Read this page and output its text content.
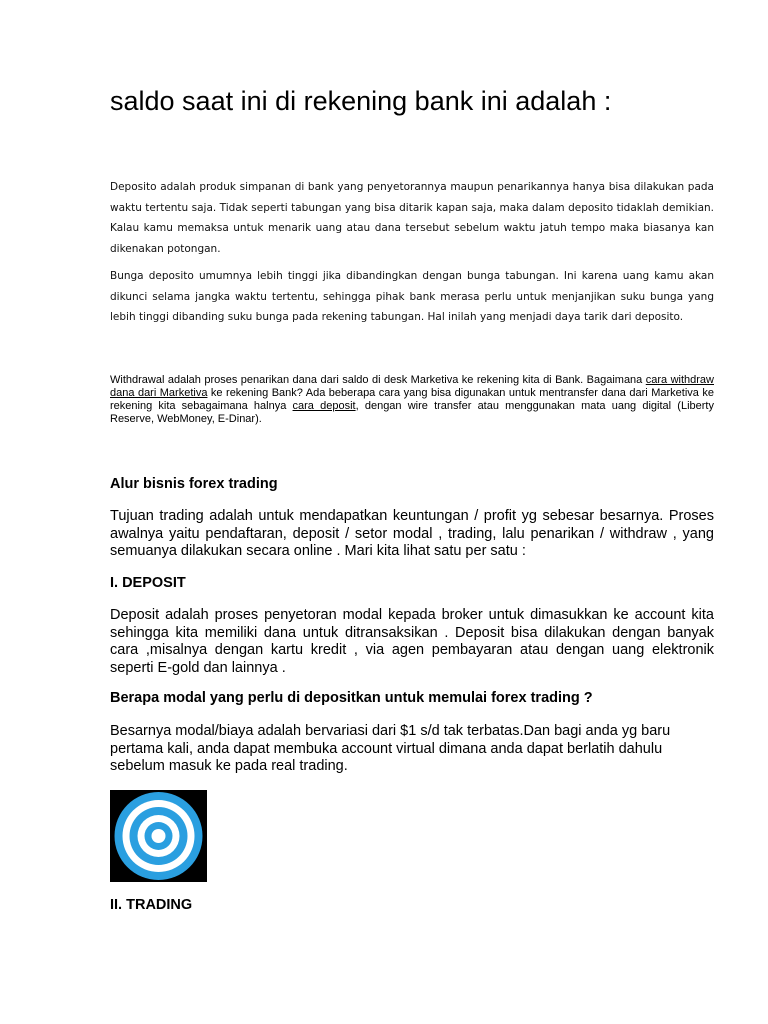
saldo saat ini di rekening bank ini adalah :

Deposito adalah produk simpanan di bank yang penyetorannya maupun penarikannya hanya bisa dilakukan pada waktu tertentu saja. Tidak seperti tabungan yang bisa ditarik kapan saja, maka dalam deposito tidaklah demikian. Kalau kamu memaksa untuk menarik uang atau dana tersebut sebelum waktu jatuh tempo maka biasanya kan dikenakan potongan.

Bunga deposito umumnya lebih tinggi jika dibandingkan dengan bunga tabungan. Ini karena uang kamu akan dikunci selama jangka waktu tertentu, sehingga pihak bank merasa perlu untuk menjanjikan suku bunga yang lebih tinggi dibanding suku bunga pada rekening tabungan. Hal inilah yang menjadi daya tarik dari deposito.

Withdrawal adalah proses penarikan dana dari saldo di desk Marketiva ke rekening kita di Bank. Bagaimana cara withdraw dana dari Marketiva ke rekening Bank? Ada beberapa cara yang bisa digunakan untuk mentransfer dana dari Marketiva ke rekening kita sebagaimana halnya cara deposit, dengan wire transfer atau menggunakan mata uang digital (Liberty Reserve, WebMoney, E-Dinar).

Alur bisnis forex trading

Tujuan trading adalah untuk mendapatkan keuntungan / profit yg sebesar besarnya. Proses awalnya yaitu pendaftaran, deposit / setor modal , trading, lalu penarikan / withdraw , yang semuanya dilakukan secara online . Mari kita lihat satu per satu :

I. DEPOSIT

Deposit adalah proses penyetoran modal kepada broker untuk dimasukkan ke account kita sehingga kita memiliki dana untuk ditransaksikan . Deposit bisa dilakukan dengan banyak cara ,misalnya dengan kartu kredit , via agen pembayaran atau dengan uang elektronik seperti E-gold dan lainnya .

Berapa modal yang perlu di depositkan untuk memulai forex trading ?

Besarnya modal/biaya adalah bervariasi dari $1 s/d tak terbatas.Dan bagi anda yg baru pertama kali, anda dapat membuka account virtual dimana anda dapat berlatih dahulu sebelum masuk ke pada real trading.

II. TRADING
